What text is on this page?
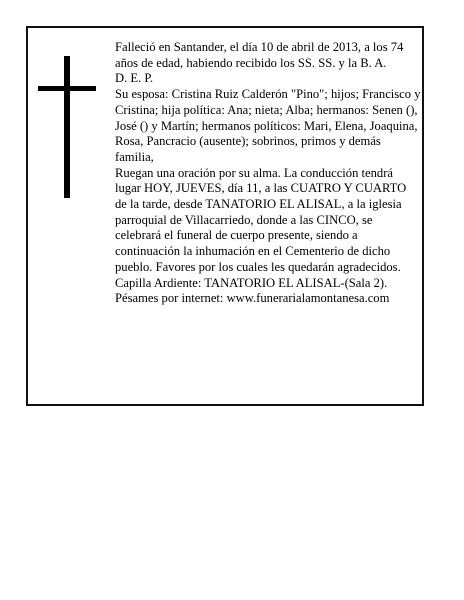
Falleció en Santander, el día 10 de abril de 2013, a los 74 años de edad, habiendo recibido los SS. SS. y la B. A.

D. E. P.

Su esposa: Cristina Ruiz Calderón "Pino"; hijos; Francisco y Cristina; hija política: Ana; nieta; Alba; hermanos: Senen (), José () y Martín; hermanos políticos: Mari, Elena, Joaquina, Rosa, Pancracio (ausente); sobrinos, primos y demás familia,

Ruegan una oración por su alma. La conducción tendrá lugar HOY, JUEVES, día 11, a las CUATRO Y CUARTO de la tarde, desde TANATORIO EL ALISAL, a la iglesia parroquial de Villacarriedo, donde a las CINCO, se celebrará el funeral de cuerpo presente, siendo a continuación la inhumación en el Cementerio de dicho pueblo. Favores por los cuales les quedarán agradecidos. Capilla Ardiente: TANATORIO EL ALISAL-(Sala 2).

Pésames por internet: www.funerarialamontanesa.com
